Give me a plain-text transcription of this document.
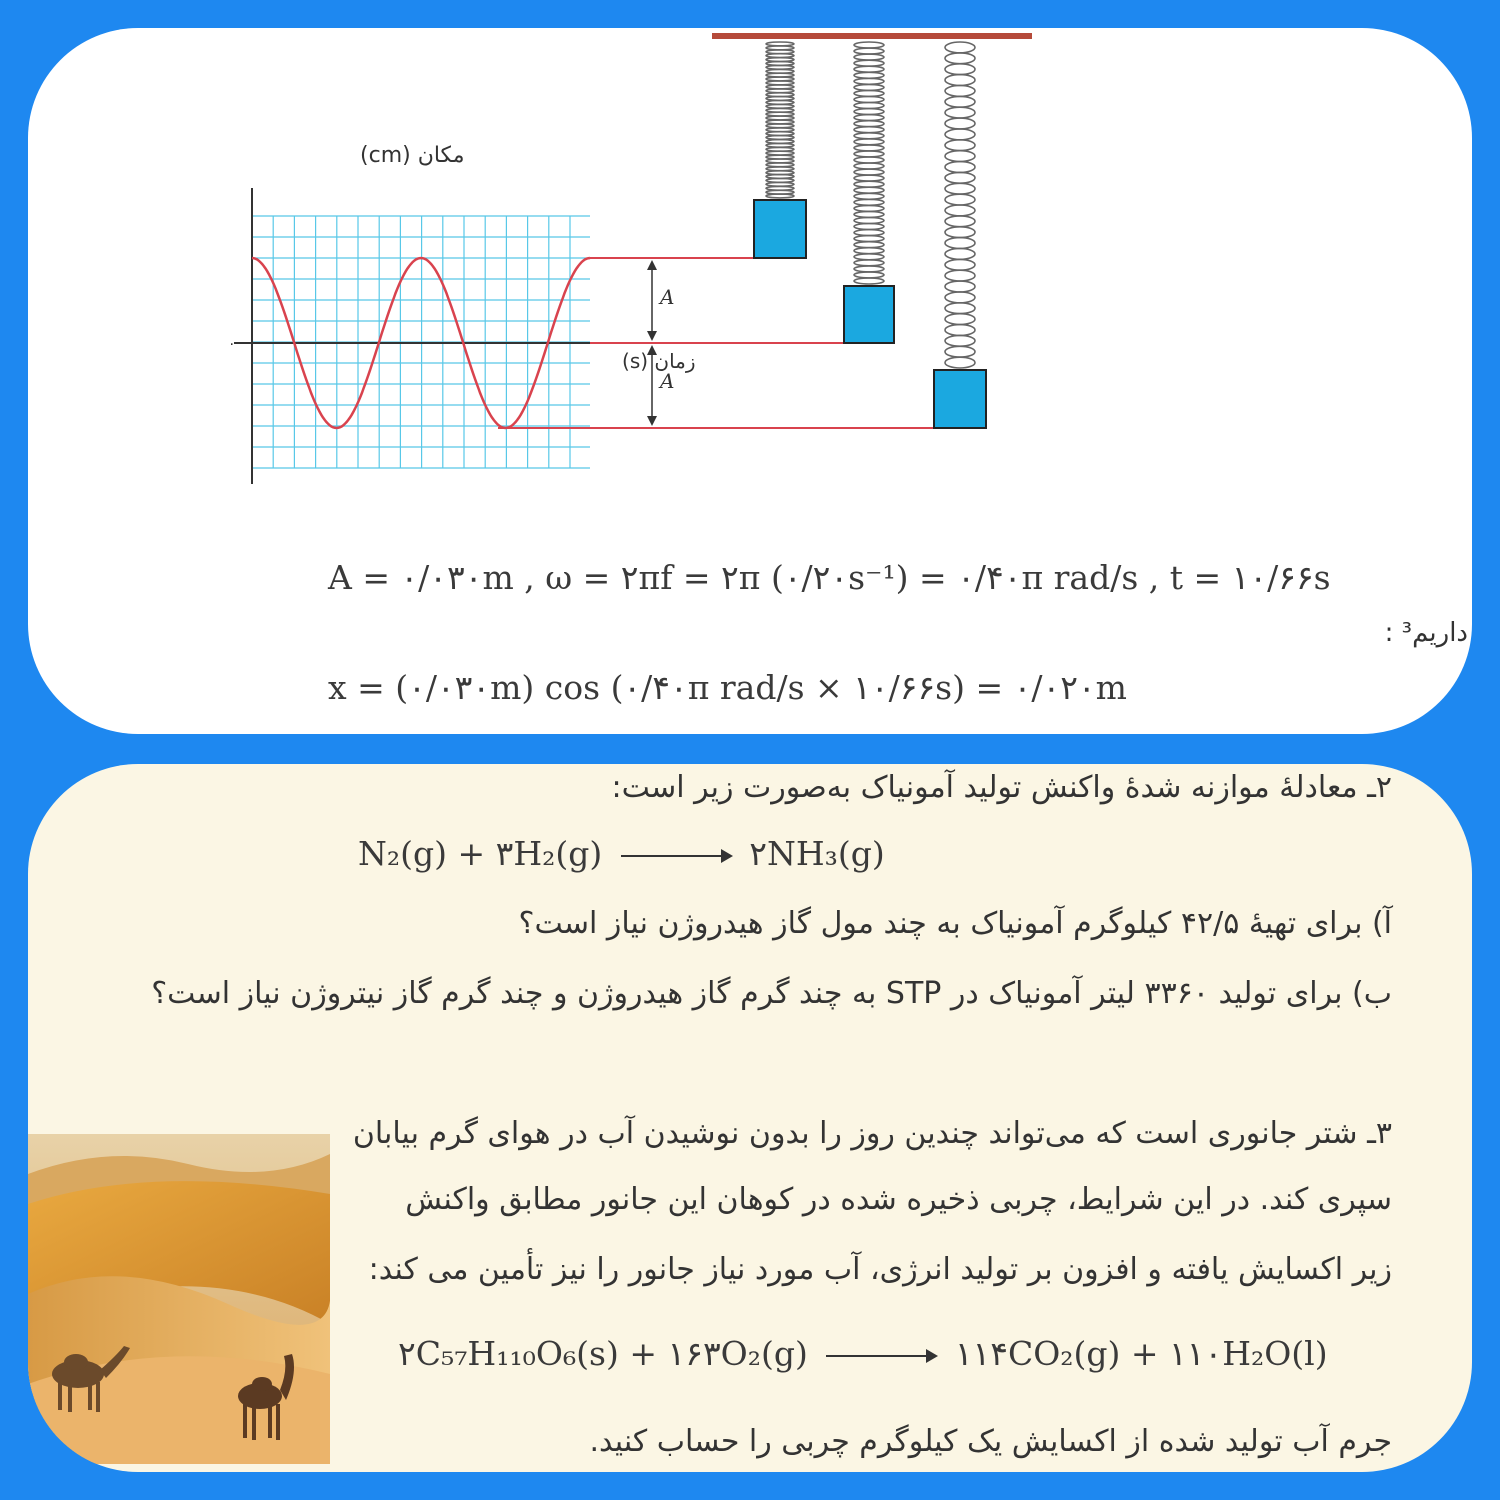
A
A
۰
مکان (cm)
زمان (s)
A = ۰/۰۳۰m , ω = ۲πf = ۲π (۰/۲۰s⁻¹) = ۰/۴۰π rad/s , t = ۱۰/۶۶s
داریم³ :
x = (۰/۰۳۰m) cos (۰/۴۰π rad/s × ۱۰/۶۶s) = ۰/۰۲۰m
۲ـ معادلهٔ موازنه شدهٔ واکنش تولید آمونیاک به‌صورت زیر است:
N₂(g) + ۳H₂(g) → ۲NH₃(g)
آ) برای تهیهٔ ۴۲/۵ کیلوگرم آمونیاک به چند مول گاز هیدروژن نیاز است؟
ب) برای تولید ۳۳۶۰ لیتر آمونیاک در STP به چند گرم گاز هیدروژن و چند گرم گاز نیتروژن نیاز است؟
۳ـ شتر جانوری است که می‌تواند چندین روز را بدون نوشیدن آب در هوای گرم بیابان
سپری کند. در این شرایط، چربی ذخیره شده در کوهان این جانور مطابق واکنش
زیر اکسایش یافته و افزون بر تولید انرژی، آب مورد نیاز جانور را نیز تأمین می کند:
۲C₅₇H₁₁₀O₆(s) + ۱۶۳O₂(g) → ۱۱۴CO₂(g) + ۱۱۰H₂O(l)
جرم آب تولید شده از اکسایش یک کیلوگرم چربی را حساب کنید.
